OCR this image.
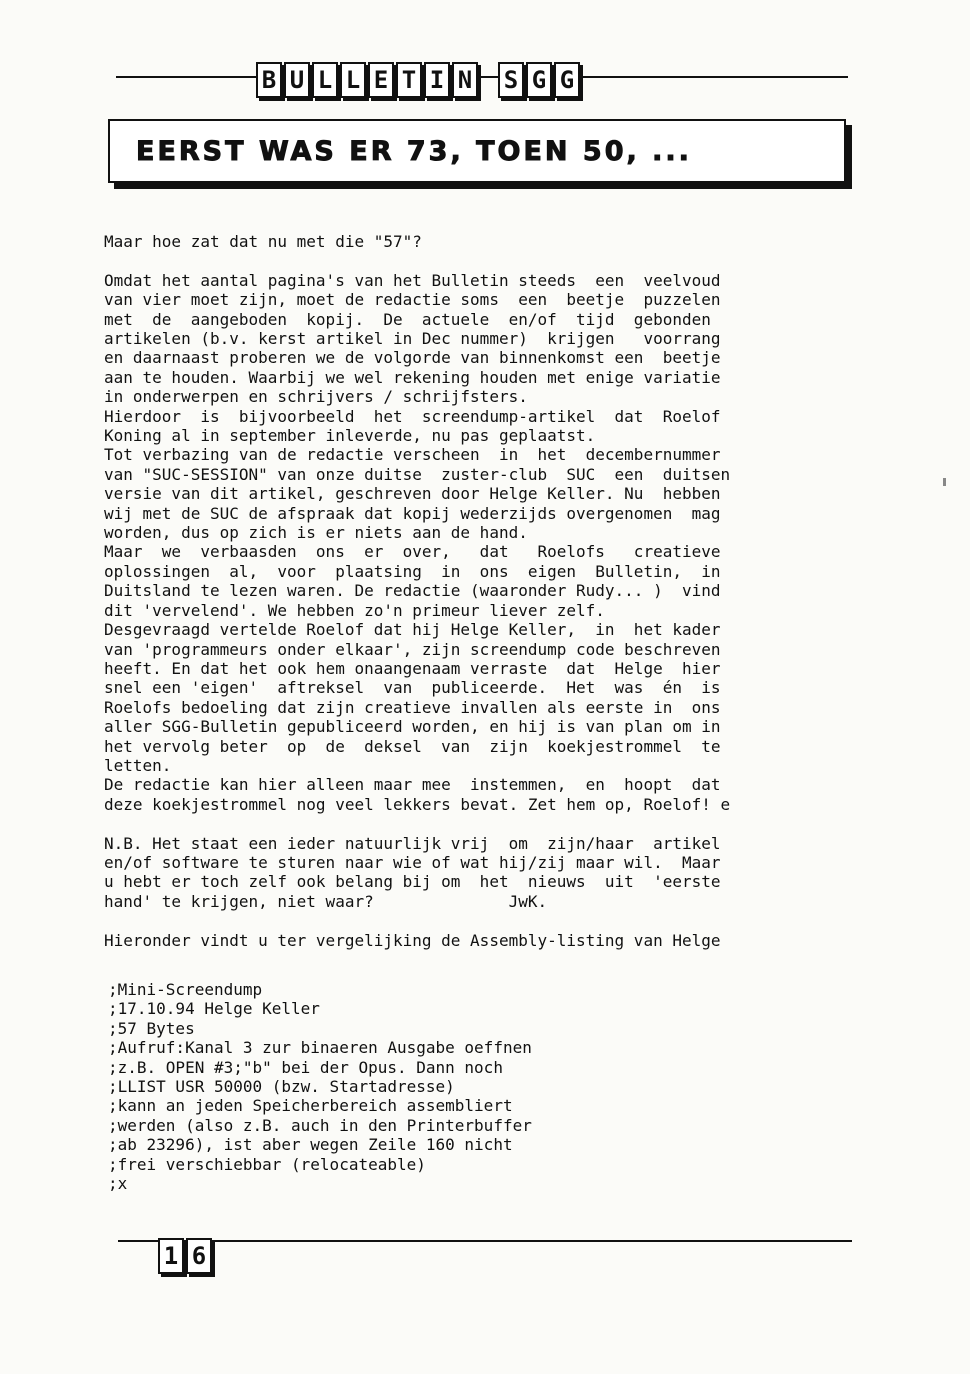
B U L L E T I N S G G
EERST WAS ER 73, TOEN 50, ...

Maar hoe zat dat nu met die "57"?

Omdat het aantal pagina's van het Bulletin steeds  een  veelvoud

van vier moet zijn, moet de redactie soms  een  beetje  puzzelen

met  de  aangeboden  kopij.  De  actuele  en/of  tijd  gebonden

artikelen (b.v. kerst artikel in Dec nummer)  krijgen   voorrang

en daarnaast proberen we de volgorde van binnenkomst een  beetje

aan te houden. Waarbij we wel rekening houden met enige variatie

in onderwerpen en schrijvers / schrijfsters.

Hierdoor  is  bijvoorbeeld  het  screendump-artikel  dat  Roelof

Koning al in september inleverde, nu pas geplaatst.

Tot verbazing van de redactie verscheen  in  het  decembernummer

van "SUC-SESSION" van onze duitse  zuster-club  SUC  een  duitsen

versie van dit artikel, geschreven door Helge Keller. Nu  hebben

wij met de SUC de afspraak dat kopij wederzijds overgenomen  mag

worden, dus op zich is er niets aan de hand.

Maar  we  verbaasden  ons  er  over,   dat   Roelofs   creatieve

oplossingen  al,  voor  plaatsing  in  ons  eigen  Bulletin,  in

Duitsland te lezen waren. De redactie (waaronder Rudy... )  vind

dit 'vervelend'. We hebben zo'n primeur liever zelf.

Desgevraagd vertelde Roelof dat hij Helge Keller,  in  het kader

van 'programmeurs onder elkaar', zijn screendump code beschreven

heeft. En dat het ook hem onaangenaam verraste  dat  Helge  hier

snel een 'eigen'  aftreksel  van  publiceerde.  Het  was  én  is

Roelofs bedoeling dat zijn creatieve invallen als eerste in  ons

aller SGG-Bulletin gepubliceerd worden, en hij is van plan om in

het vervolg beter  op  de  deksel  van  zijn  koekjestrommel  te

letten.

De redactie kan hier alleen maar mee  instemmen,  en  hoopt  dat

deze koekjestrommel nog veel lekkers bevat. Zet hem op, Roelof! e

N.B. Het staat een ieder natuurlijk vrij  om  zijn/haar  artikel

en/of software te sturen naar wie of wat hij/zij maar wil.  Maar

u hebt er toch zelf ook belang bij om  het  nieuws  uit  'eerste

hand' te krijgen, niet waar?              JwK.

Hieronder vindt u ter vergelijking de Assembly-listing van Helge

;Mini-Screendump

;17.10.94 Helge Keller

;57 Bytes

;Aufruf:Kanal 3 zur binaeren Ausgabe oeffnen

;z.B. OPEN #3;"b" bei der Opus. Dann noch

;LLIST USR 50000 (bzw. Startadresse)

;kann an jeden Speicherbereich assembliert

;werden (also z.B. auch in den Printerbuffer

;ab 23296), ist aber wegen Zeile 160 nicht

;frei verschiebbar (relocateable)

;x

1 6
